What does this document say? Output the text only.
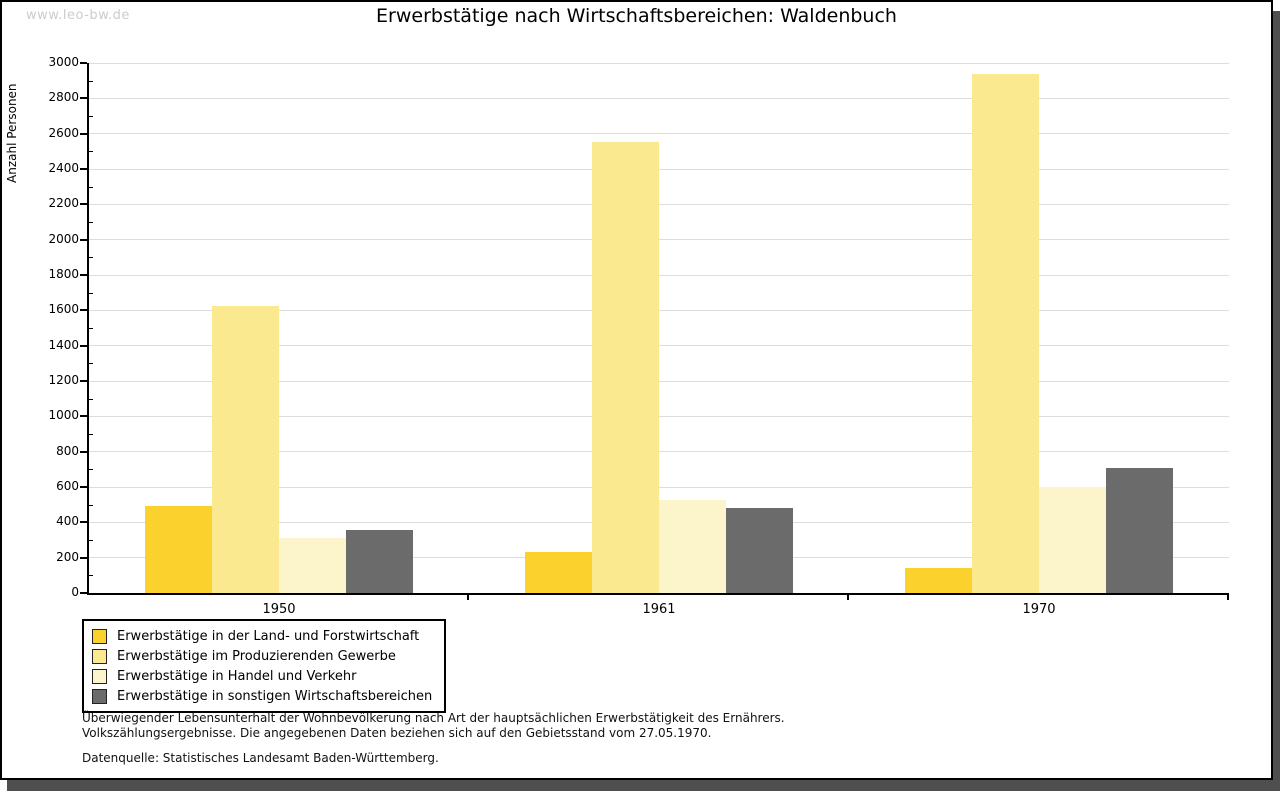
www.leo-bw.de	Erwerbstätige nach Wirtschaftsbereichen: Waldenbuch
Anzahl Personen
0
200
400
600
800
1000
1200
1400
1600
1800
2000
2200
2400
2600
2800
3000
1950	1961	1970
Erwerbstätige in der Land- und Forstwirtschaft
Erwerbstätige im Produzierenden Gewerbe
Erwerbstätige in Handel und Verkehr
Erwerbstätige in sonstigen Wirtschaftsbereichen
Überwiegender Lebensunterhalt der Wohnbevölkerung nach Art der hauptsächlichen Erwerbstätigkeit des Ernährers.
Volkszählungsergebnisse. Die angegebenen Daten beziehen sich auf den Gebietsstand vom 27.05.1970.
Datenquelle: Statistisches Landesamt Baden-Württemberg.
